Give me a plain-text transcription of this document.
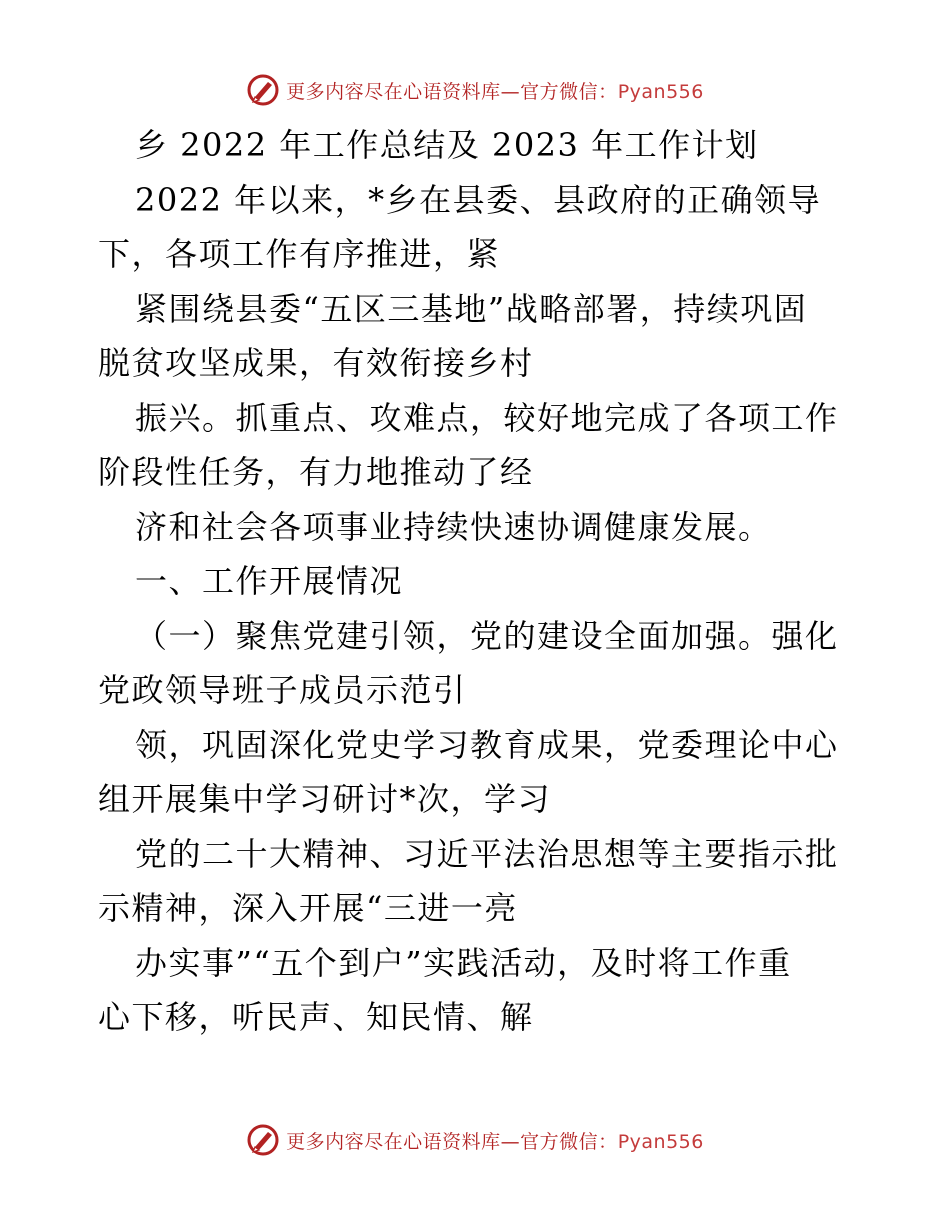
更多内容尽在心语资料库—官方微信：Pyan556
乡 2022 年工作总结及 2023 年工作计划
2022 年以来，*乡在县委、县政府的正确领导
下，各项工作有序推进，紧
紧围绕县委“五区三基地”战略部署，持续巩固
脱贫攻坚成果，有效衔接乡村
振兴。抓重点、攻难点，较好地完成了各项工作
阶段性任务，有力地推动了经
济和社会各项事业持续快速协调健康发展。
一、工作开展情况
（一）聚焦党建引领，党的建设全面加强。强化
党政领导班子成员示范引
领，巩固深化党史学习教育成果，党委理论中心
组开展集中学习研讨*次，学习
党的二十大精神、习近平法治思想等主要指示批
示精神，深入开展“三进一亮
办实事”“五个到户”实践活动，及时将工作重
心下移，听民声、知民情、解
更多内容尽在心语资料库—官方微信：Pyan556
